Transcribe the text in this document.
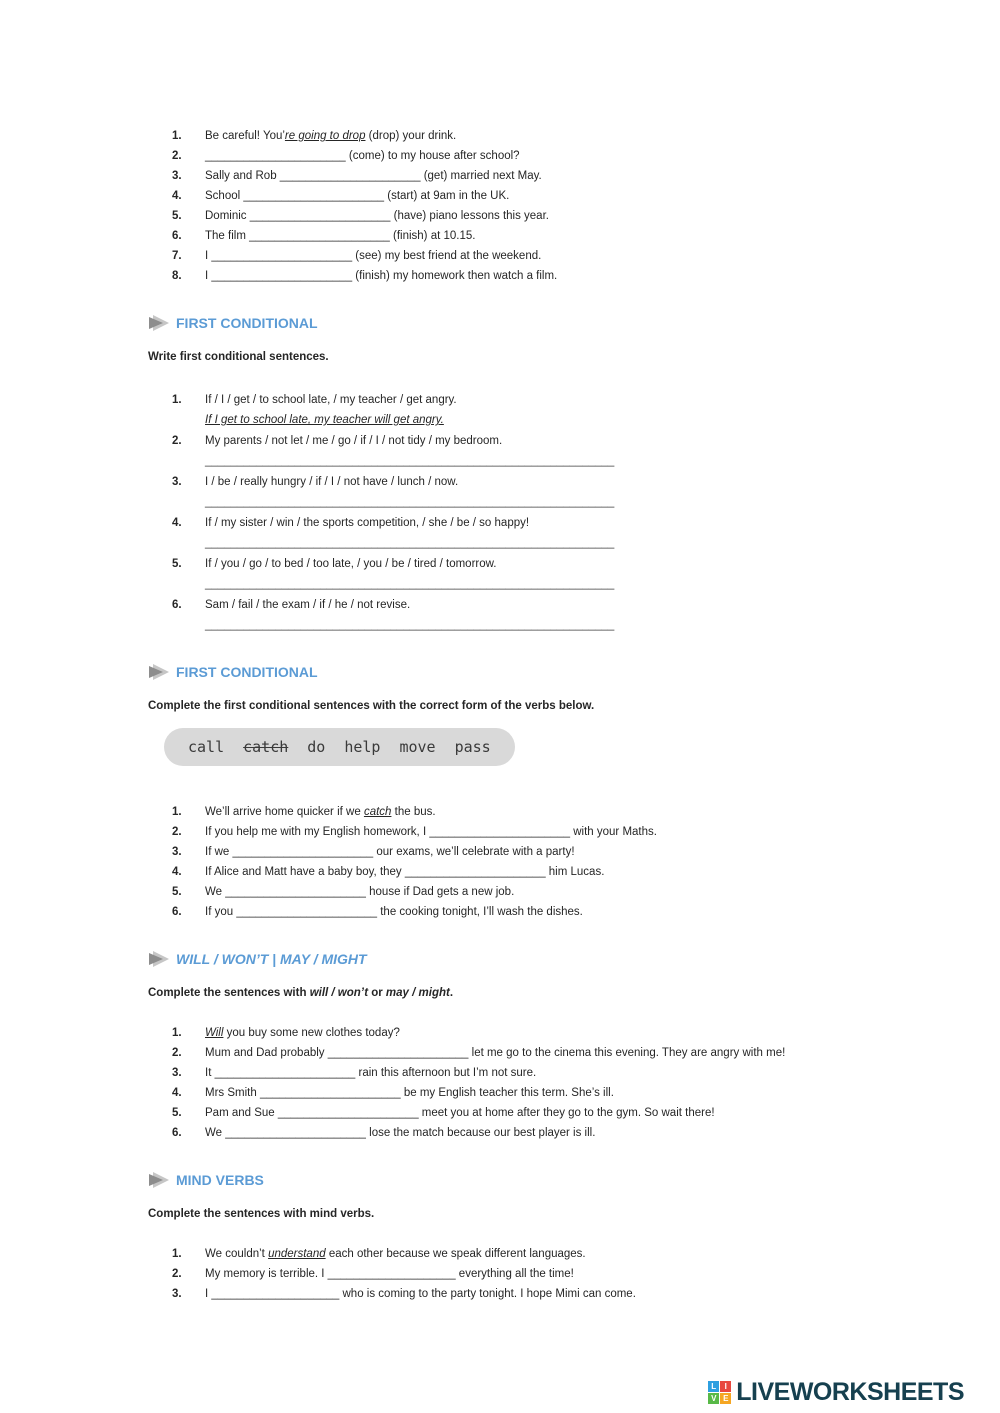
1.	Be careful! You’re going to drop (drop) your drink.
2.	______________________ (come) to my house after school?
3.	Sally and Rob ______________________ (get) married next May.
4.	School ______________________ (start) at 9am in the UK.
5.	Dominic ______________________ (have) piano lessons this year.
6.	The film ______________________ (finish) at 10.15.
7.	I ______________________ (see) my best friend at the weekend.
8.	I ______________________ (finish) my homework then watch a film.
FIRST CONDITIONAL
Write first conditional sentences.
1.	If / I / get / to school late, / my teacher / get angry.
If I get to school late, my teacher will get angry.
2.	My parents / not let / me / go / if / I / not tidy / my bedroom.
________________________________________________________________
3.	I / be / really hungry / if / I / not have / lunch / now.
________________________________________________________________
4.	If / my sister / win / the sports competition, / she / be / so happy!
________________________________________________________________
5.	If / you / go / to bed / too late, / you / be / tired / tomorrow.
________________________________________________________________
6.	Sam / fail / the exam / if / he / not revise.
________________________________________________________________
FIRST CONDITIONAL
Complete the first conditional sentences with the correct form of the verbs below.
call catch do help move pass
1.	We’ll arrive home quicker if we catch the bus.
2.	If you help me with my English homework, I ______________________ with your Maths.
3.	If we ______________________ our exams, we’ll celebrate with a party!
4.	If Alice and Matt have a baby boy, they ______________________ him Lucas.
5.	We ______________________ house if Dad gets a new job.
6.	If you ______________________ the cooking tonight, I’ll wash the dishes.
WILL / WON’T | MAY / MIGHT
Complete the sentences with will / won’t or may / might.
1.	Will you buy some new clothes today?
2.	Mum and Dad probably ______________________ let me go to the cinema this evening. They are angry with me!
3.	It ______________________ rain this afternoon but I’m not sure.
4.	Mrs Smith ______________________ be my English teacher this term. She’s ill.
5.	Pam and Sue ______________________ meet you at home after they go to the gym. So wait there!
6.	We ______________________ lose the match because our best player is ill.
MIND VERBS
Complete the sentences with mind verbs.
1.	We couldn’t understand each other because we speak different languages.
2.	My memory is terrible. I ____________________ everything all the time!
3.	I ____________________ who is coming to the party tonight. I hope Mimi can come.
L	I
V E LIVEWORKSHEETS
